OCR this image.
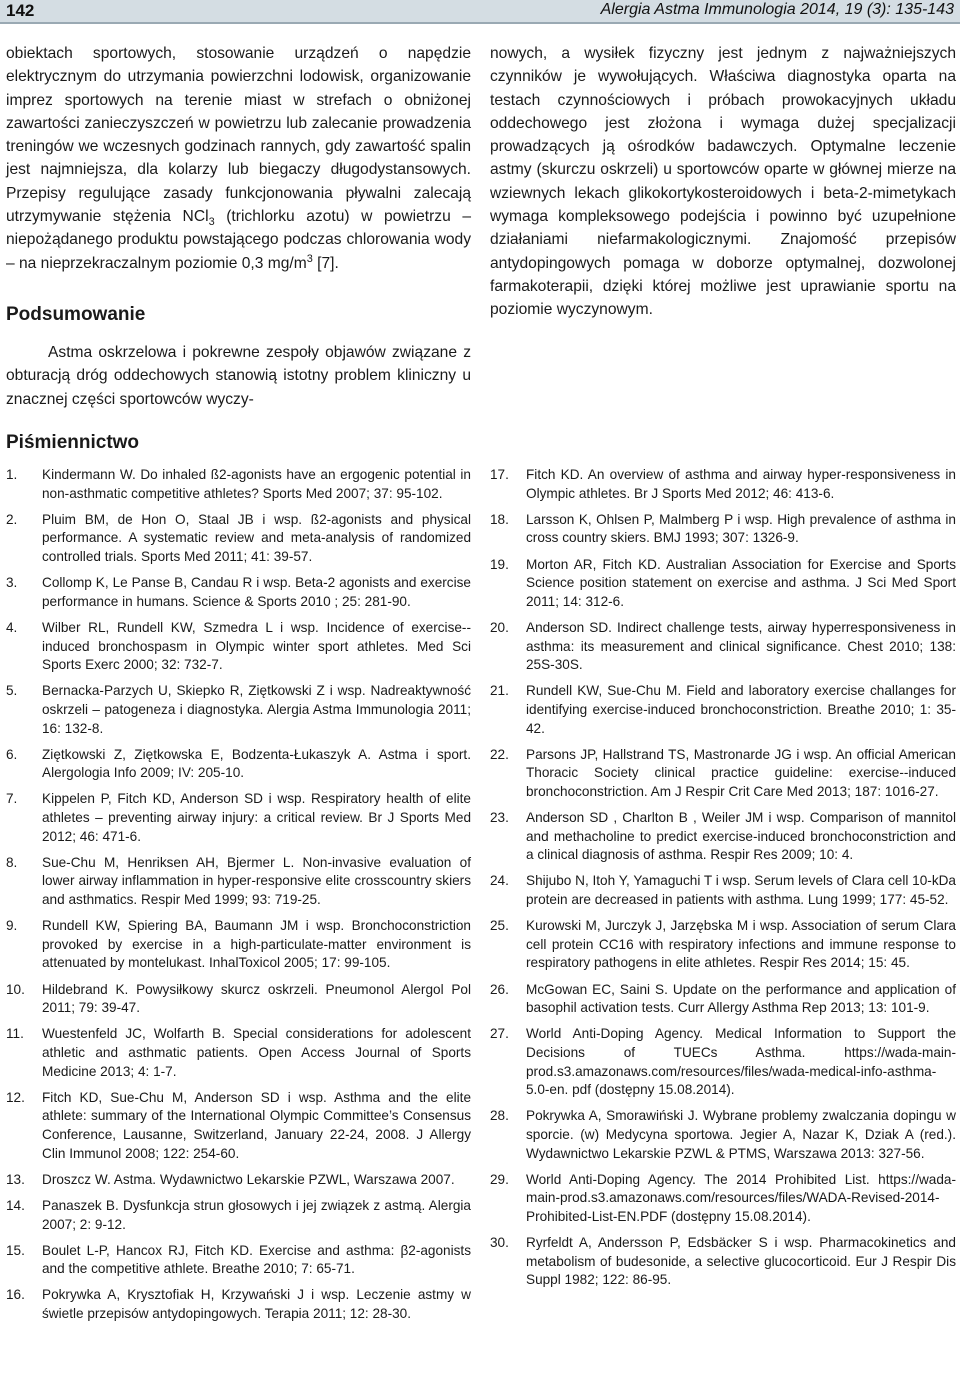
142	Alergia Astma Immunologia 2014, 19 (3): 135-143

obiektach sportowych, stosowanie urządzeń o napędzie elektrycznym do utrzymania powierzchni lodowisk, organizowanie imprez sportowych na terenie miast w strefach o obniżonej zawartości zanieczyszczeń w powietrzu lub zalecanie prowadzenia treningów we wczesnych godzinach rannych, gdy zawartość spalin jest najmniejsza, dla kolarzy lub biegaczy długodystansowych. Przepisy regulujące zasady funkcjonowania pływalni zalecają utrzymywanie stężenia NCl$_3$ (trichlorku azotu) w powietrzu – niepożądanego produktu powstającego podczas chlorowania wody – na nieprzekraczalnym poziomie 0,3 $mg/m^3$ [7].

Podsumowanie

Astma oskrzelowa i pokrewne zespoły objawów związane z obturacją dróg oddechowych stanowią istotny problem kliniczny u znacznej części sportowców wyczy-

nowych, a wysiłek fizyczny jest jednym z najważniejszych czynników je wywołujących. Właściwa diagnostyka oparta na testach czynnościowych i próbach prowokacyjnych układu oddechowego jest złożona i wymaga dużej specjalizacji prowadzących ją ośrodków badawczych. Optymalne leczenie astmy (skurczu oskrzeli) u sportowców oparte w głównej mierze na wziewnych lekach glikokortykosteroidowych i beta-2-mimetykach wymaga kompleksowego podejścia i powinno być uzupełnione działaniami niefarmakologicznymi. Znajomość przepisów antydopingowych pomaga w doborze optymalnej, dozwolonej farmakoterapii, dzięki której możliwe jest uprawianie sportu na poziomie wyczynowym.

Piśmiennictwo
1. Kindermann W. Do inhaled ß2-agonists have an ergogenic potential in non-asthmatic competitive athletes? Sports Med 2007; 37: 95-102.
2. Pluim BM, de Hon O, Staal JB i wsp. ß2-agonists and physical performance. A systematic review and meta-analysis of randomized controlled trials. Sports Med 2011; 41: 39-57.
3. Collomp K, Le Panse B, Candau R i wsp. Beta-2 agonists and exercise performance in humans. Science & Sports 2010 ; 25: 281-90.
4. Wilber RL, Rundell KW, Szmedra L i wsp. Incidence of exercise--induced bronchospasm in Olympic winter sport athletes. Med Sci Sports Exerc 2000; 32: 732-7.
5. Bernacka-Parzych U, Skiepko R, Ziętkowski Z i wsp. Nadreaktywność oskrzeli – patogeneza i diagnostyka. Alergia Astma Immunologia 2011; 16: 132-8.
6. Ziętkowski Z, Ziętkowska E, Bodzenta-Łukaszyk A. Astma i sport. Alergologia Info 2009; IV: 205-10.
7. Kippelen P, Fitch KD, Anderson SD i wsp. Respiratory health of elite athletes – preventing airway injury: a critical review. Br J Sports Med 2012; 46: 471-6.
8. Sue-Chu M, Henriksen AH, Bjermer L. Non-invasive evaluation of lower airway inflammation in hyper-responsive elite crosscountry skiers and asthmatics. Respir Med 1999; 93: 719-25.
9. Rundell KW, Spiering BA, Baumann JM i wsp. Bronchoconstriction provoked by exercise in a high-particulate-matter environment is attenuated by montelukast. InhalToxicol 2005; 17: 99-105.
10. Hildebrand K. Powysiłkowy skurcz oskrzeli. Pneumonol Alergol Pol 2011; 79: 39-47.
11. Wuestenfeld JC, Wolfarth B. Special considerations for adolescent athletic and asthmatic patients. Open Access Journal of Sports Medicine 2013; 4: 1-7.
12. Fitch KD, Sue-Chu M, Anderson SD i wsp. Asthma and the elite athlete: summary of the International Olympic Committee’s Consensus Conference, Lausanne, Switzerland, January 22-24, 2008. J Allergy Clin Immunol 2008; 122: 254-60.
13. Droszcz W. Astma. Wydawnictwo Lekarskie PZWL, Warszawa 2007.
14. Panaszek B. Dysfunkcja strun głosowych i jej związek z astmą. Alergia 2007; 2: 9-12.
15. Boulet L-P, Hancox RJ, Fitch KD. Exercise and asthma: β2-agonists and the competitive athlete. Breathe 2010; 7: 65-71.
16. Pokrywka A, Krysztofiak H, Krzywański J i wsp. Leczenie astmy w świetle przepisów antydopingowych. Terapia 2011; 12: 28-30.
17. Fitch KD. An overview of asthma and airway hyper-responsiveness in Olympic athletes. Br J Sports Med 2012; 46: 413-6.
18. Larsson K, Ohlsen P, Malmberg P i wsp. High prevalence of asthma in cross country skiers. BMJ 1993; 307: 1326-9.
19. Morton AR, Fitch KD. Australian Association for Exercise and Sports Science position statement on exercise and asthma. J Sci Med Sport 2011; 14: 312-6.
20. Anderson SD. Indirect challenge tests, airway hyperresponsiveness in asthma: its measurement and clinical significance. Chest 2010; 138: 25S-30S.
21. Rundell KW, Sue-Chu M. Field and laboratory exercise challanges for identifying exercise-induced bronchoconstriction. Breathe 2010; 1: 35-42.
22. Parsons JP, Hallstrand TS, Mastronarde JG i wsp. An official American Thoracic Society clinical practice guideline: exercise--induced bronchoconstriction. Am J Respir Crit Care Med 2013; 187: 1016-27.
23. Anderson SD , Charlton B , Weiler JM i wsp. Comparison of mannitol and methacholine to predict exercise-induced bronchoconstriction and a clinical diagnosis of asthma. Respir Res 2009; 10: 4.
24. Shijubo N, Itoh Y, Yamaguchi T i wsp. Serum levels of Clara cell 10-kDa protein are decreased in patients with asthma. Lung 1999; 177: 45-52.
25. Kurowski M, Jurczyk J, Jarzębska M i wsp. Association of serum Clara cell protein CC16 with respiratory infections and immune response to respiratory pathogens in elite athletes. Respir Res 2014; 15: 45.
26. McGowan EC, Saini S. Update on the performance and application of basophil activation tests. Curr Allergy Asthma Rep 2013; 13: 101-9.
27. World Anti-Doping Agency. Medical Information to Support the Decisions of TUECs Asthma. https://wada-main-prod.s3.amazonaws.com/resources/files/wada-medical-info-asthma-5.0-en. pdf (dostępny 15.08.2014).
28. Pokrywka A, Smorawiński J. Wybrane problemy zwalczania dopingu w sporcie. (w) Medycyna sportowa. Jegier A, Nazar K, Dziak A (red.). Wydawnictwo Lekarskie PZWL & PTMS, Warszawa 2013: 327-56.
29. World Anti-Doping Agency. The 2014 Prohibited List. https://wada-main-prod.s3.amazonaws.com/resources/files/WADA-Revised-2014-Prohibited-List-EN.PDF (dostępny 15.08.2014).
30. Ryrfeldt A, Andersson P, Edsbäcker S i wsp. Pharmacokinetics and metabolism of budesonide, a selective glucocorticoid. Eur J Respir Dis Suppl 1982; 122: 86-95.
